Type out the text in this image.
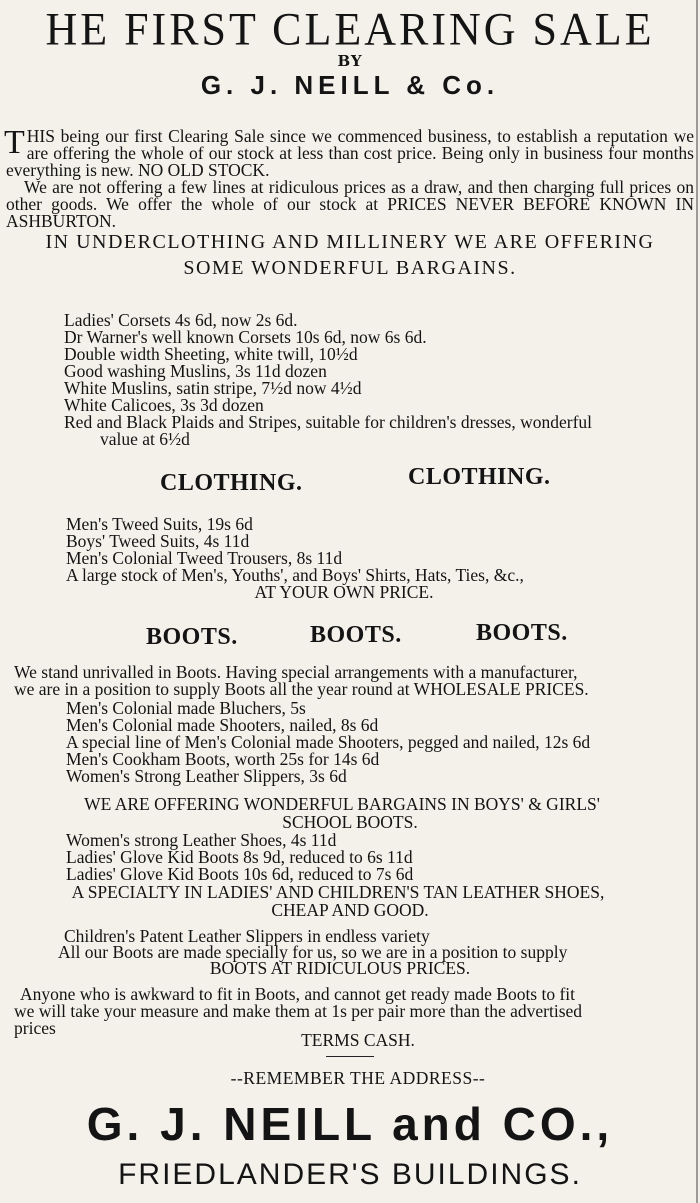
HE FIRST CLEARING SALE
BY
G. J. NEILL & Co.

THIS being our first Clearing Sale since we commenced business, to establish a reputation we are offering the whole of our stock at less than cost price. Being only in business four months everything is new. NO OLD STOCK.

We are not offering a few lines at ridiculous prices as a draw, and then charging full prices on other goods. We offer the whole of our stock at PRICES NEVER BEFORE KNOWN IN ASHBURTON.

IN UNDERCLOTHING AND MILLINERY WE ARE OFFERING
SOME WONDERFUL BARGAINS.
Ladies' Corsets 4s 6d, now 2s 6d.
Dr Warner's well known Corsets 10s 6d, now 6s 6d.
Double width Sheeting, white twill, 10½d
Good washing Muslins, 3s 11d dozen
White Muslins, satin stripe, 7½d now 4½d
White Calicoes, 3s 3d dozen
Red and Black Plaids and Stripes, suitable for children's dresses, wonderful
value at 6½d
CLOTHING.	CLOTHING.
Men's Tweed Suits, 19s 6d
Boys' Tweed Suits, 4s 11d
Men's Colonial Tweed Trousers, 8s 11d
A large stock of Men's, Youths', and Boys' Shirts, Hats, Ties, &c.,
AT YOUR OWN PRICE.
BOOTS.	BOOTS.	BOOTS.
We stand unrivalled in Boots. Having special arrangements with a manufacturer,
we are in a position to supply Boots all the year round at WHOLESALE PRICES.
Men's Colonial made Bluchers, 5s
Men's Colonial made Shooters, nailed, 8s 6d
A special line of Men's Colonial made Shooters, pegged and nailed, 12s 6d
Men's Cookham Boots, worth 25s for 14s 6d
Women's Strong Leather Slippers, 3s 6d
WE ARE OFFERING WONDERFUL BARGAINS IN BOYS' & GIRLS'
SCHOOL BOOTS.
Women's strong Leather Shoes, 4s 11d
Ladies' Glove Kid Boots 8s 9d, reduced to 6s 11d
Ladies' Glove Kid Boots 10s 6d, reduced to 7s 6d
A SPECIALTY IN LADIES' AND CHILDREN'S TAN LEATHER SHOES,
CHEAP AND GOOD.
Children's Patent Leather Slippers in endless variety
All our Boots are made specially for us, so we are in a position to supply
BOOTS AT RIDICULOUS PRICES.
Anyone who is awkward to fit in Boots, and cannot get ready made Boots to fit
we will take your measure and make them at 1s per pair more than the advertised
prices
TERMS CASH.
--REMEMBER THE ADDRESS--
G. J. NEILL and CO.,
FRIEDLANDER'S BUILDINGS.
